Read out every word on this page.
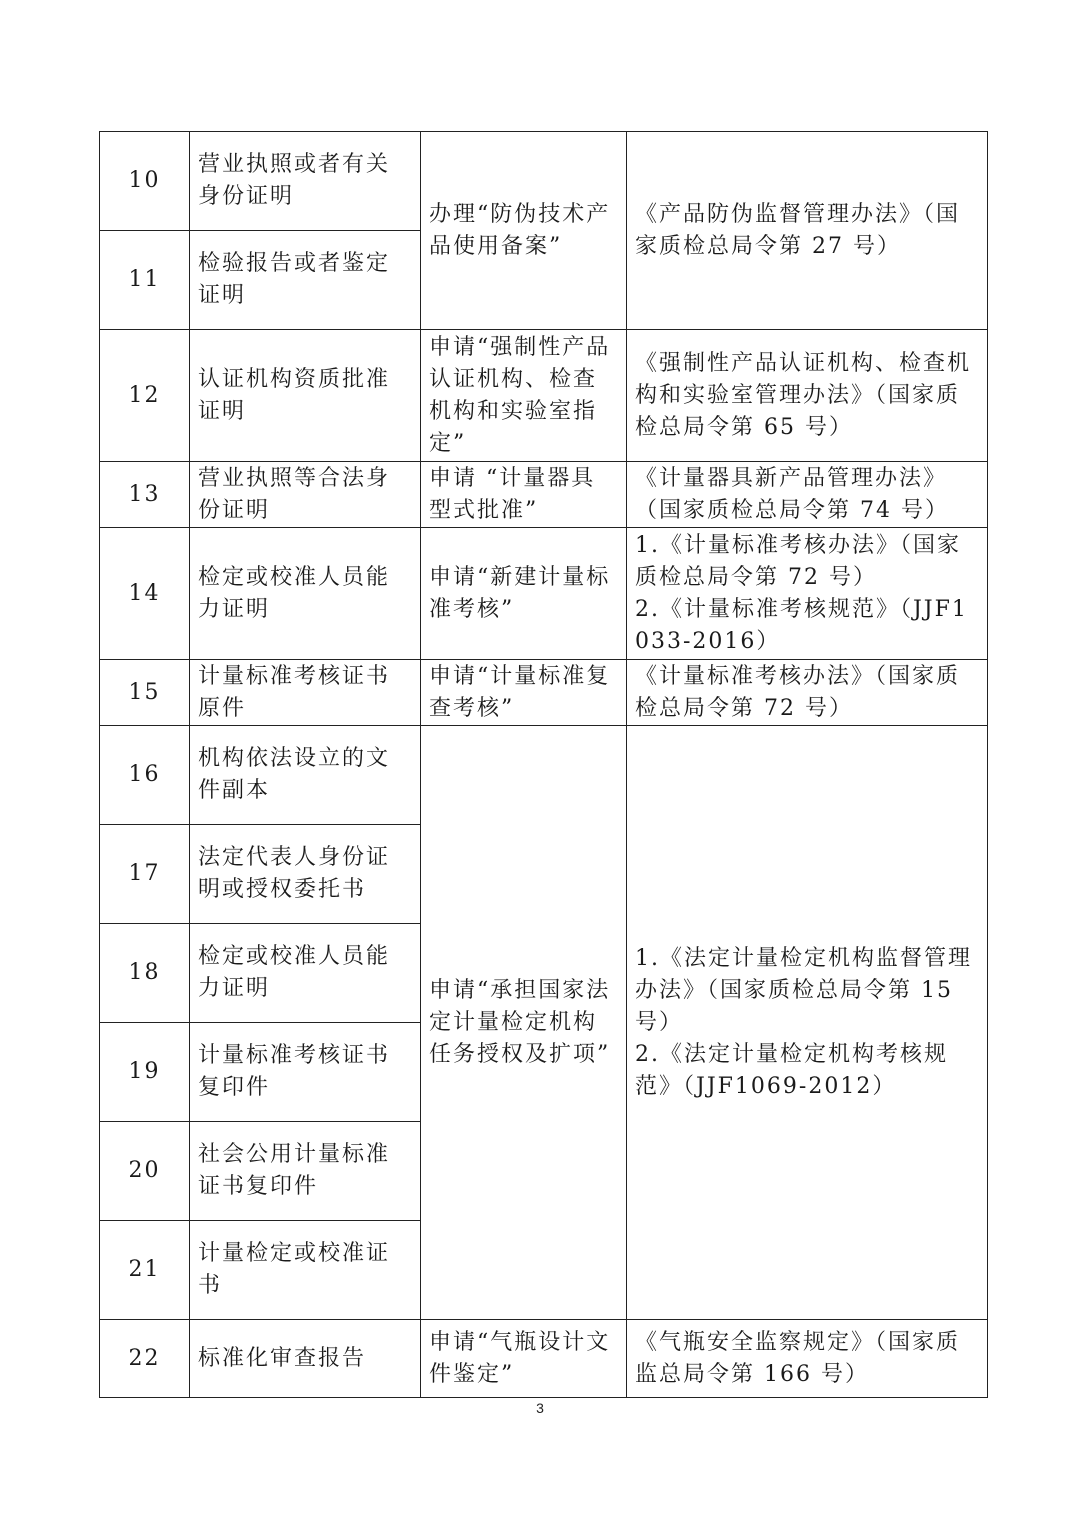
10	营业执照或者有关身份证明	办理“防伪技术产品使用备案”	《产品防伪监督管理办法》（国家质检总局令第 27 号）
11	检验报告或者鉴定证明		
12	认证机构资质批准证明	申请“强制性产品认证机构、检查机构和实验室指定”	《强制性产品认证机构、检查机构和实验室管理办法》（国家质检总局令第 65 号）
13	营业执照等合法身份证明	申请 “计量器具型式批准”	《计量器具新产品管理办法》（国家质检总局令第 74 号）
14	检定或校准人员能力证明	申请“新建计量标准考核”	1.《计量标准考核办法》（国家质检总局令第 72 号）
2.《计量标准考核规范》（JJF1033-2016）

15	计量标准考核证书原件	申请“计量标准复查考核”	《计量标准考核办法》（国家质检总局令第 72 号）
16	机构依法设立的文件副本	申请“承担国家法定计量检定机构任务授权及扩项”	1.《法定计量检定机构监督管理办法》（国家质检总局令第 15 号）
2.《法定计量检定机构考核规范》（JJF1069-2012）

17	法定代表人身份证明或授权委托书		
18	检定或校准人员能力证明		
19	计量标准考核证书复印件		
20	社会公用计量标准证书复印件		
21	计量检定或校准证书		
22	标准化审查报告	申请“气瓶设计文件鉴定”	《气瓶安全监察规定》（国家质监总局令第 166 号）
3
